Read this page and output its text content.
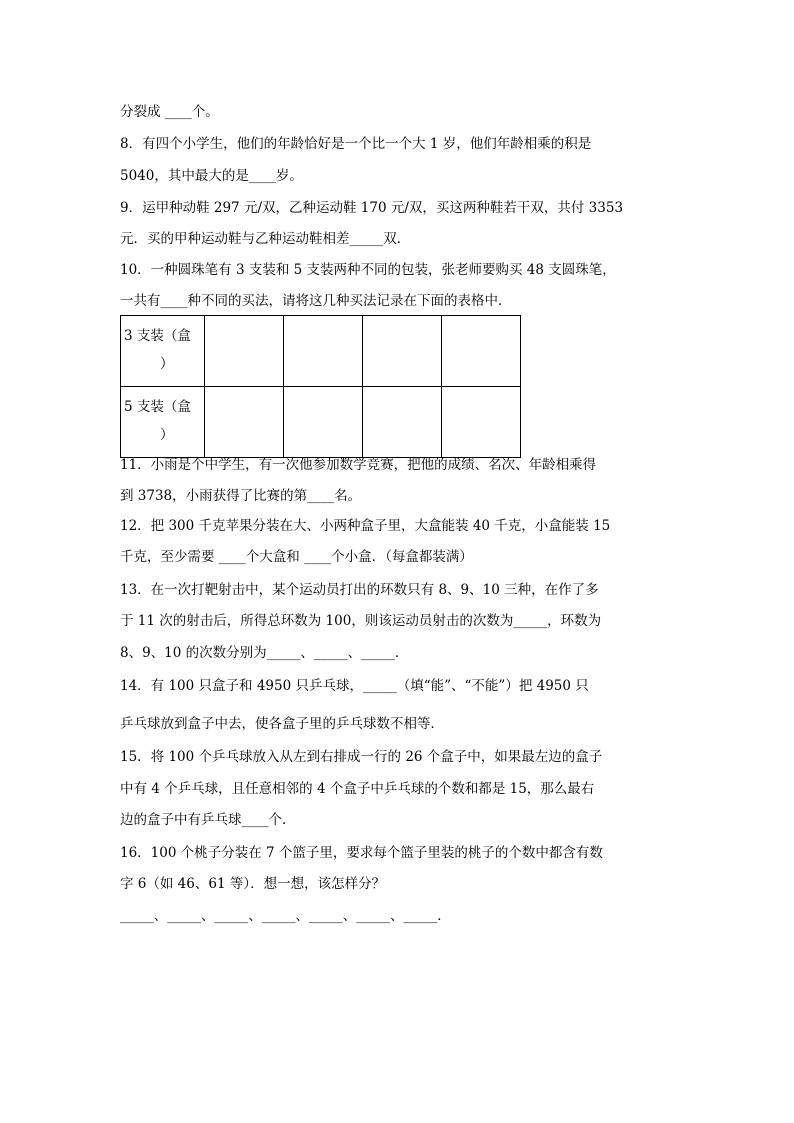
分裂成 ____个。
8．有四个小学生，他们的年龄恰好是一个比一个大 1 岁，他们年龄相乘的积是
5040，其中最大的是____岁。
9．运甲种动鞋 297 元/双，乙种运动鞋 170 元/双，买这两种鞋若干双，共付 3353
元．买的甲种运动鞋与乙种运动鞋相差_____双．
10．一种圆珠笔有 3 支装和 5 支装两种不同的包装，张老师要购买 48 支圆珠笔，
一共有____种不同的买法，请将这几种买法记录在下面的表格中．
3 支装（盒
）				

5 支装（盒
）				

11．小雨是个中学生，有一次他参加数学竞赛，把他的成绩、名次、年龄相乘得
到 3738，小雨获得了比赛的第____名。
12．把 300 千克苹果分装在大、小两种盒子里，大盒能装 40 千克，小盒能装 15
千克，至少需要 ____个大盒和 ____个小盒．（每盒都装满）
13．在一次打靶射击中，某个运动员打出的环数只有 8、9、10 三种，在作了多
于 11 次的射击后，所得总环数为 100，则该运动员射击的次数为_____，环数为
8、9、10 的次数分别为_____、_____、_____．
14．有 100 只盒子和 4950 只乒乓球，_____（填“能”、“不能”）把 4950 只
乒乓球放到盒子中去，使各盒子里的乒乓球数不相等．
15．将 100 个乒乓球放入从左到右排成一行的 26 个盒子中，如果最左边的盒子
中有 4 个乒乓球，且任意相邻的 4 个盒子中乒乓球的个数和都是 15，那么最右
边的盒子中有乒乓球____个．
16．100 个桃子分装在 7 个篮子里，要求每个篮子里装的桃子的个数中都含有数
字 6（如 46、61 等）．想一想，该怎样分？
_____、_____、_____、_____、_____、_____、_____．
